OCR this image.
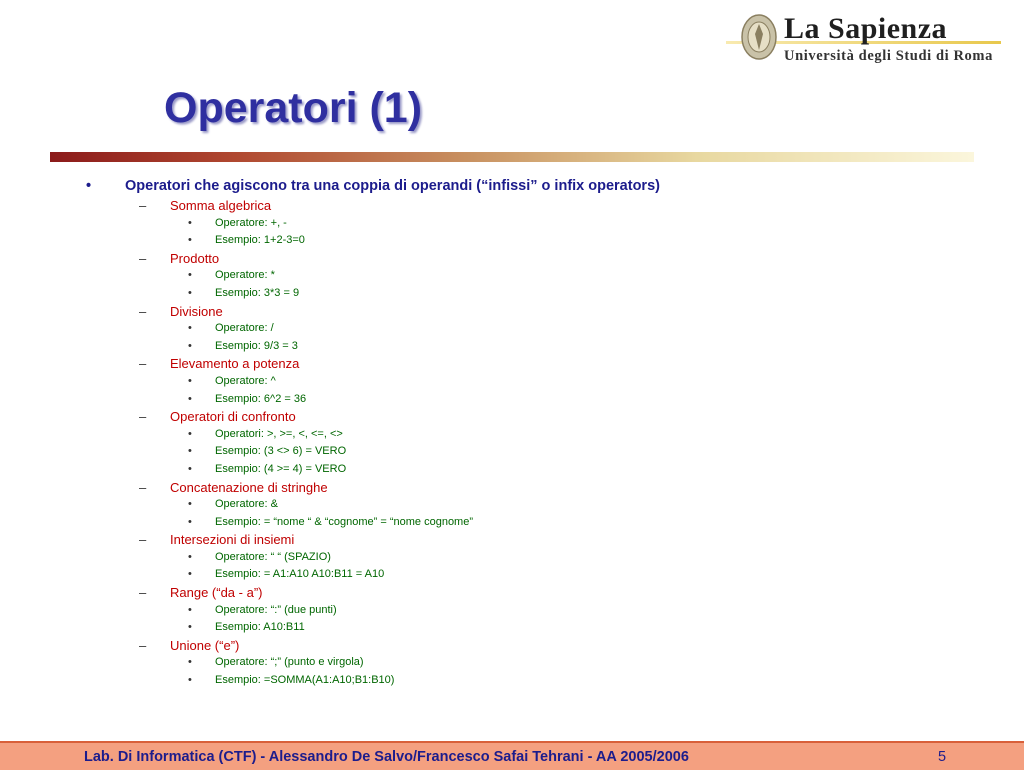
La Sapienza
Università degli Studi di Roma
Operatori (1)
• Operatori che agiscono tra una coppia di operandi (“infissi” o infix operators)
– Somma algebrica
• Operatore: +, -
• Esempio: 1+2-3=0
– Prodotto
• Operatore: *
• Esempio: 3*3 = 9
– Divisione
• Operatore: /
• Esempio: 9/3 = 3
– Elevamento a potenza
• Operatore: ^
• Esempio: 6^2 = 36
– Operatori di confronto
• Operatori: >, >=, <, <=, <>
• Esempio: (3 <> 6) = VERO
• Esempio: (4 >= 4) = VERO
– Concatenazione di stringhe
• Operatore: &
• Esempio: = “nome “ & “cognome” = “nome cognome”
– Intersezioni di insiemi
• Operatore: “ “ (SPAZIO)
• Esempio: = A1:A10 A10:B11 = A10
– Range (“da - a”)
• Operatore: “:” (due punti)
• Esempio: A10:B11
– Unione (“e”)
• Operatore: “;” (punto e virgola)
• Esempio: =SOMMA(A1:A10;B1:B10)
Lab. Di Informatica (CTF) - Alessandro De Salvo/Francesco Safai Tehrani - AA 2005/2006	5
